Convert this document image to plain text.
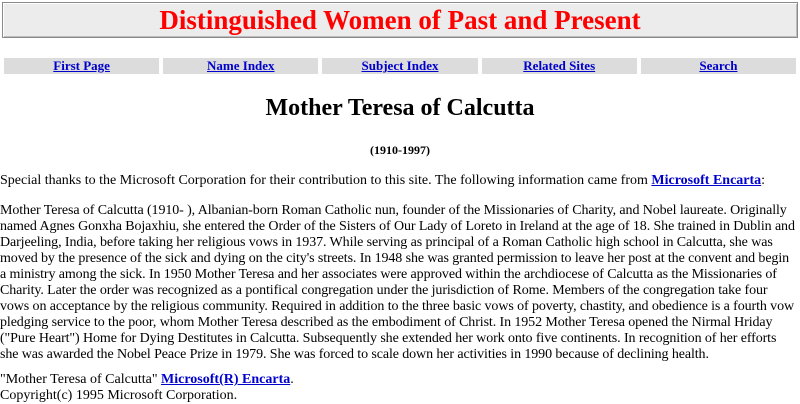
Distinguished Women of Past and Present
First Page	Name Index	Subject Index	Related Sites	Search
Mother Teresa of Calcutta
(1910-1997)

Special thanks to the Microsoft Corporation for their contribution to this site. The following information came from Microsoft Encarta:

Mother Teresa of Calcutta (1910- ), Albanian-born Roman Catholic nun, founder of the Missionaries of Charity, and Nobel laureate. Originally named Agnes Gonxha Bojaxhiu, she entered the Order of the Sisters of Our Lady of Loreto in Ireland at the age of 18. She trained in Dublin and Darjeeling, India, before taking her religious vows in 1937. While serving as principal of a Roman Catholic high school in Calcutta, she was moved by the presence of the sick and dying on the city's streets. In 1948 she was granted permission to leave her post at the convent and begin a ministry among the sick. In 1950 Mother Teresa and her associates were approved within the archdiocese of Calcutta as the Missionaries of Charity. Later the order was recognized as a pontifical congregation under the jurisdiction of Rome. Members of the congregation take four vows on acceptance by the religious community. Required in addition to the three basic vows of poverty, chastity, and obedience is a fourth vow pledging service to the poor, whom Mother Teresa described as the embodiment of Christ. In 1952 Mother Teresa opened the Nirmal Hriday ("Pure Heart") Home for Dying Destitutes in Calcutta. Subsequently she extended her work onto five continents. In recognition of her efforts she was awarded the Nobel Peace Prize in 1979. She was forced to scale down her activities in 1990 because of declining health.

"Mother Teresa of Calcutta" Microsoft(R) Encarta.
Copyright(c) 1995 Microsoft Corporation.
